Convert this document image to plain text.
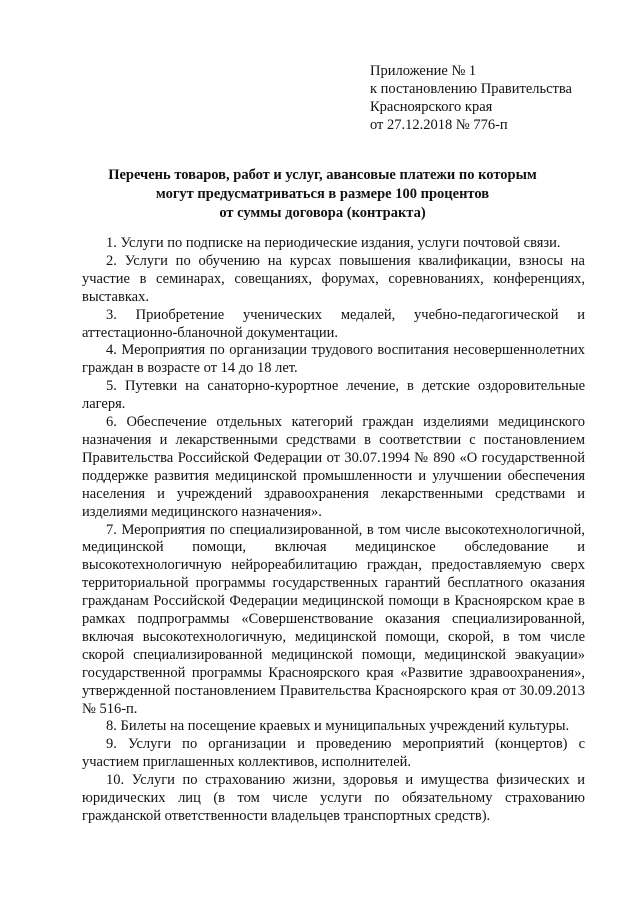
Приложение № 1
к постановлению Правительства
Красноярского края
от 27.12.2018 № 776-п
Перечень товаров, работ и услуг, авансовые платежи по которым
могут предусматриваться в размере 100 процентов
от суммы договора (контракта)

1. Услуги по подписке на периодические издания, услуги почтовой связи.

2. Услуги по обучению на курсах повышения квалификации, взносы на участие в семинарах, совещаниях, форумах, соревнованиях, конференциях, выставках.

3. Приобретение ученических медалей, учебно-педагогической и аттестационно-бланочной документации.

4. Мероприятия по организации трудового воспитания несовершеннолетних граждан в возрасте от 14 до 18 лет.

5. Путевки на санаторно-курортное лечение, в детские оздоровительные лагеря.

6. Обеспечение отдельных категорий граждан изделиями медицинского назначения и лекарственными средствами в соответствии с постановлением Правительства Российской Федерации от 30.07.1994 № 890 «О государственной поддержке развития медицинской промышленности и улучшении обеспечения населения и учреждений здравоохранения лекарственными средствами и изделиями медицинского назначения».

7. Мероприятия по специализированной, в том числе высокотехнологичной, медицинской помощи, включая медицинское обследование и высокотехнологичную нейрореабилитацию граждан, предоставляемую сверх территориальной программы государственных гарантий бесплатного оказания гражданам Российской Федерации медицинской помощи в Красноярском крае в рамках подпрограммы «Совершенствование оказания специализированной, включая высокотехнологичную, медицинской помощи, скорой, в том числе скорой специализированной медицинской помощи, медицинской эвакуации» государственной программы Красноярского края «Развитие здравоохранения», утвержденной постановлением Правительства Красноярского края от 30.09.2013 № 516-п.

8. Билеты на посещение краевых и муниципальных учреждений культуры.

9. Услуги по организации и проведению мероприятий (концертов) с участием приглашенных коллективов, исполнителей.

10. Услуги по страхованию жизни, здоровья и имущества физических и юридических лиц (в том числе услуги по обязательному страхованию гражданской ответственности владельцев транспортных средств).
